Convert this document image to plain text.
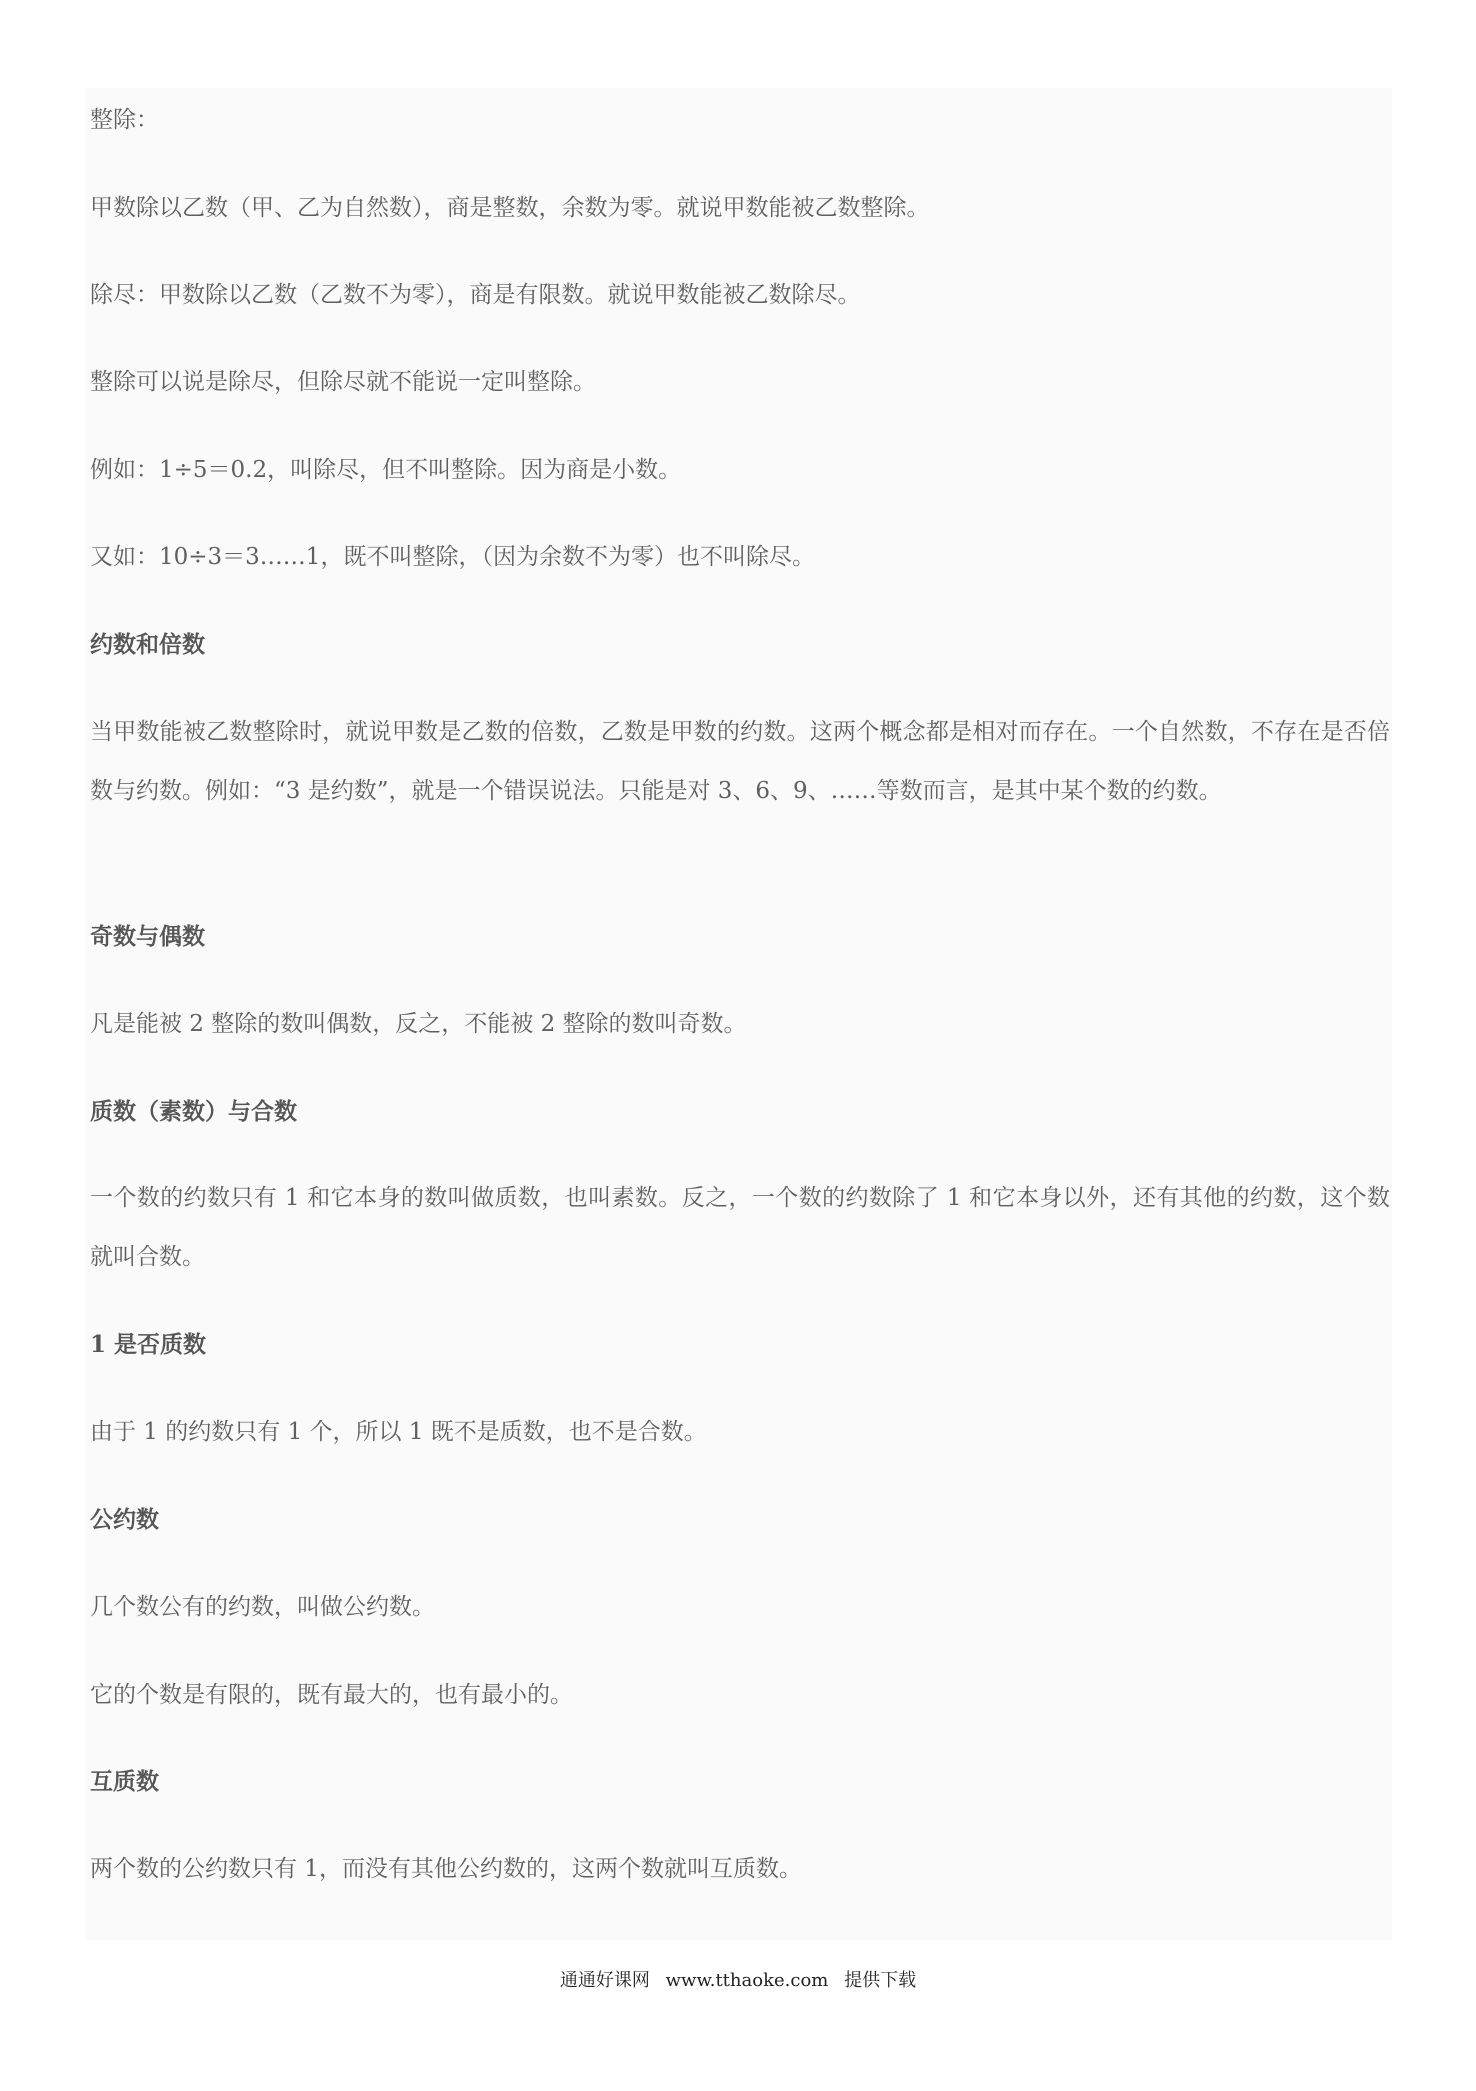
整除：

甲数除以乙数（甲、乙为自然数），商是整数，余数为零。就说甲数能被乙数整除。

除尽：甲数除以乙数（乙数不为零），商是有限数。就说甲数能被乙数除尽。

整除可以说是除尽，但除尽就不能说一定叫整除。

例如：1÷5＝0.2，叫除尽，但不叫整除。因为商是小数。

又如：10÷3＝3……1，既不叫整除，（因为余数不为零）也不叫除尽。

约数和倍数

当甲数能被乙数整除时，就说甲数是乙数的倍数，乙数是甲数的约数。这两个概念都是相对而存在。一个自然数，不存在是否倍数与约数。例如：“3 是约数”，就是一个错误说法。只能是对 3、6、9、……等数而言，是其中某个数的约数。

奇数与偶数

凡是能被 2 整除的数叫偶数，反之，不能被 2 整除的数叫奇数。

质数（素数）与合数

一个数的约数只有 1 和它本身的数叫做质数，也叫素数。反之，一个数的约数除了 1 和它本身以外，还有其他的约数，这个数就叫合数。

1 是否质数

由于 1 的约数只有 1 个，所以 1 既不是质数，也不是合数。

公约数

几个数公有的约数，叫做公约数。

它的个数是有限的，既有最大的，也有最小的。

互质数

两个数的公约数只有 1，而没有其他公约数的，这两个数就叫互质数。

通通好课网 www.tthaoke.com 提供下载
